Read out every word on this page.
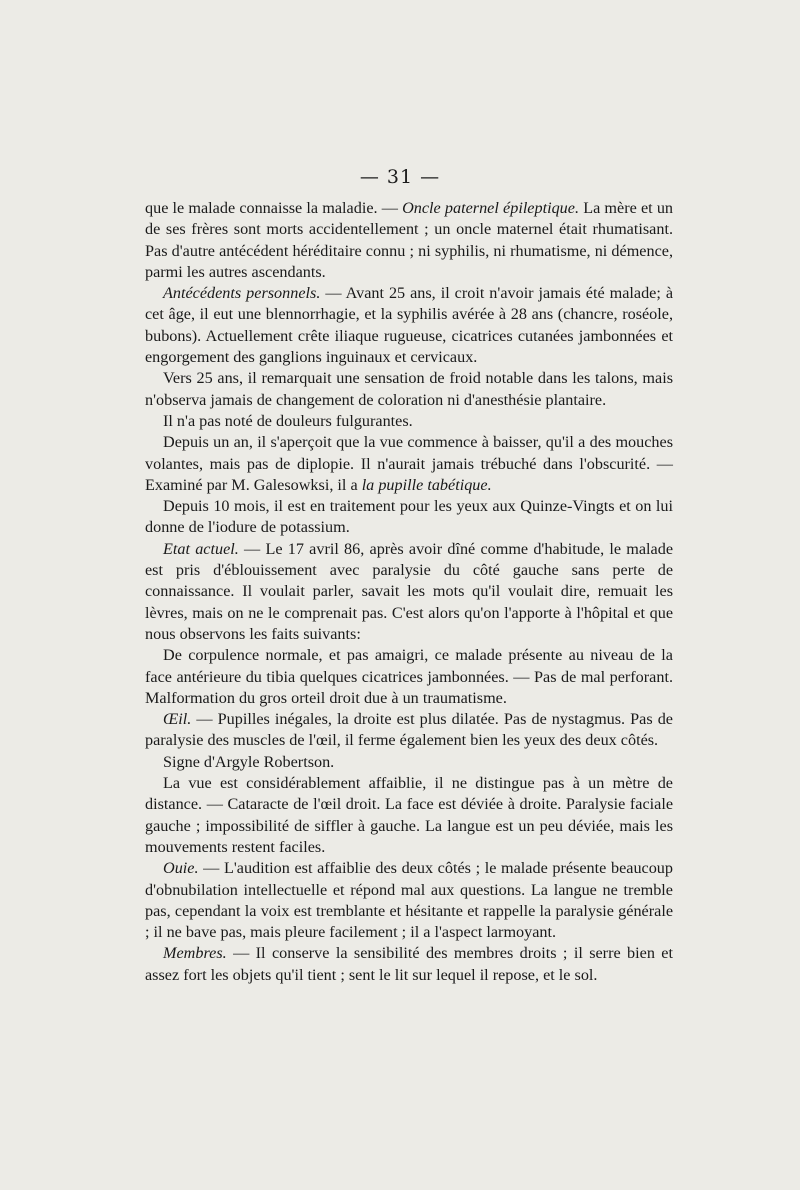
— 31 —

que le malade connaisse la maladie. — Oncle paternel épileptique. La mère et un de ses frères sont morts accidentellement ; un oncle maternel était rhumatisant. Pas d'autre antécédent héréditaire connu ; ni syphilis, ni rhumatisme, ni démence, parmi les autres ascendants.

Antécédents personnels. — Avant 25 ans, il croit n'avoir jamais été malade; à cet âge, il eut une blennorrhagie, et la syphilis avérée à 28 ans (chancre, roséole, bubons). Actuellement crête iliaque rugueuse, cicatrices cutanées jambonnées et engorgement des ganglions inguinaux et cervicaux.

Vers 25 ans, il remarquait une sensation de froid notable dans les talons, mais n'observa jamais de changement de coloration ni d'anesthésie plantaire.

Il n'a pas noté de douleurs fulgurantes.

Depuis un an, il s'aperçoit que la vue commence à baisser, qu'il a des mouches volantes, mais pas de diplopie. Il n'aurait jamais trébuché dans l'obscurité. — Examiné par M. Galesowksi, il a la pupille tabétique.

Depuis 10 mois, il est en traitement pour les yeux aux Quinze-Vingts et on lui donne de l'iodure de potassium.

Etat actuel. — Le 17 avril 86, après avoir dîné comme d'habitude, le malade est pris d'éblouissement avec paralysie du côté gauche sans perte de connaissance. Il voulait parler, savait les mots qu'il voulait dire, remuait les lèvres, mais on ne le comprenait pas. C'est alors qu'on l'apporte à l'hôpital et que nous observons les faits suivants:

De corpulence normale, et pas amaigri, ce malade présente au niveau de la face antérieure du tibia quelques cicatrices jambonnées. — Pas de mal perforant. Malformation du gros orteil droit due à un traumatisme.

Œil. — Pupilles inégales, la droite est plus dilatée. Pas de nystagmus. Pas de paralysie des muscles de l'œil, il ferme également bien les yeux des deux côtés.

Signe d'Argyle Robertson.

La vue est considérablement affaiblie, il ne distingue pas à un mètre de distance. — Cataracte de l'œil droit. La face est déviée à droite. Paralysie faciale gauche ; impossibilité de siffler à gauche. La langue est un peu déviée, mais les mouvements restent faciles.

Ouie. — L'audition est affaiblie des deux côtés ; le malade présente beaucoup d'obnubilation intellectuelle et répond mal aux questions. La langue ne tremble pas, cependant la voix est tremblante et hésitante et rappelle la paralysie générale ; il ne bave pas, mais pleure facilement ; il a l'aspect larmoyant.

Membres. — Il conserve la sensibilité des membres droits ; il serre bien et assez fort les objets qu'il tient ; sent le lit sur lequel il repose, et le sol.
